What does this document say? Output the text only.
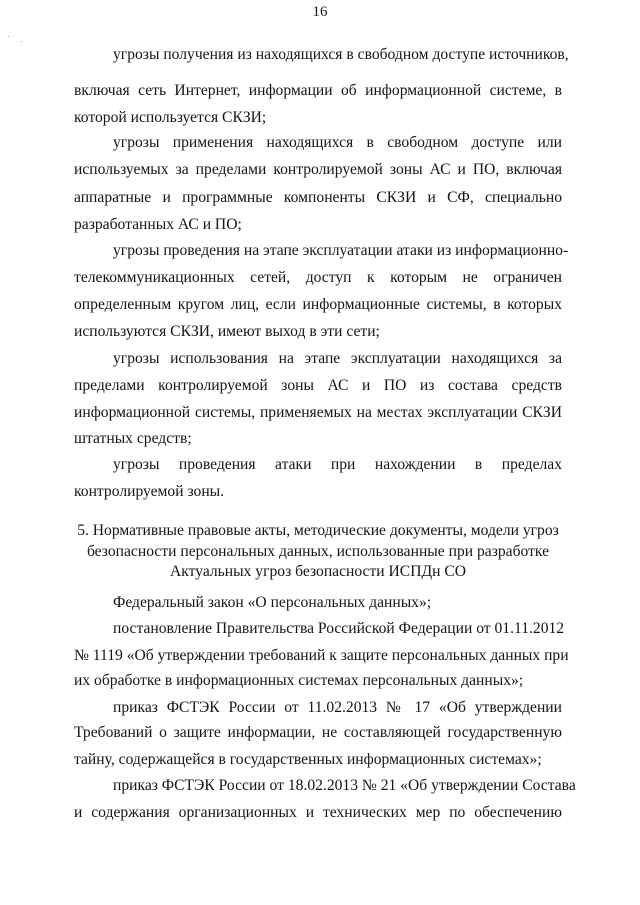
16
угрозы получения из находящихся в свободном доступе источников,
включая сеть Интернет, информации об информационной системе, в
которой используется СКЗИ;
угрозы применения находящихся в свободном доступе или
используемых за пределами контролируемой зоны АС и ПО, включая
аппаратные и программные компоненты СКЗИ и СФ, специально
разработанных АС и ПО;
угрозы проведения на этапе эксплуатации атаки из информационно-
телекоммуникационных сетей, доступ к которым не ограничен
определенным кругом лиц, если информационные системы, в которых
используются СКЗИ, имеют выход в эти сети;
угрозы использования на этапе эксплуатации находящихся за
пределами контролируемой зоны АС и ПО из состава средств
информационной системы, применяемых на местах эксплуатации СКЗИ
штатных средств;
угрозы проведения атаки при нахождении в пределах
контролируемой зоны.
5. Нормативные правовые акты, методические документы, модели угроз
безопасности персональных данных, использованные при разработке
Актуальных угроз безопасности ИСПДн СО
Федеральный закон «О персональных данных»;
постановление Правительства Российской Федерации от 01.11.2012
№ 1119 «Об утверждении требований к защите персональных данных при
их обработке в информационных системах персональных данных»;
приказ ФСТЭК России от 11.02.2013 № 17 «Об утверждении
Требований о защите информации, не составляющей государственную
тайну, содержащейся в государственных информационных системах»;
приказ ФСТЭК России от 18.02.2013 № 21 «Об утверждении Состава
и содержания организационных и технических мер по обеспечению
